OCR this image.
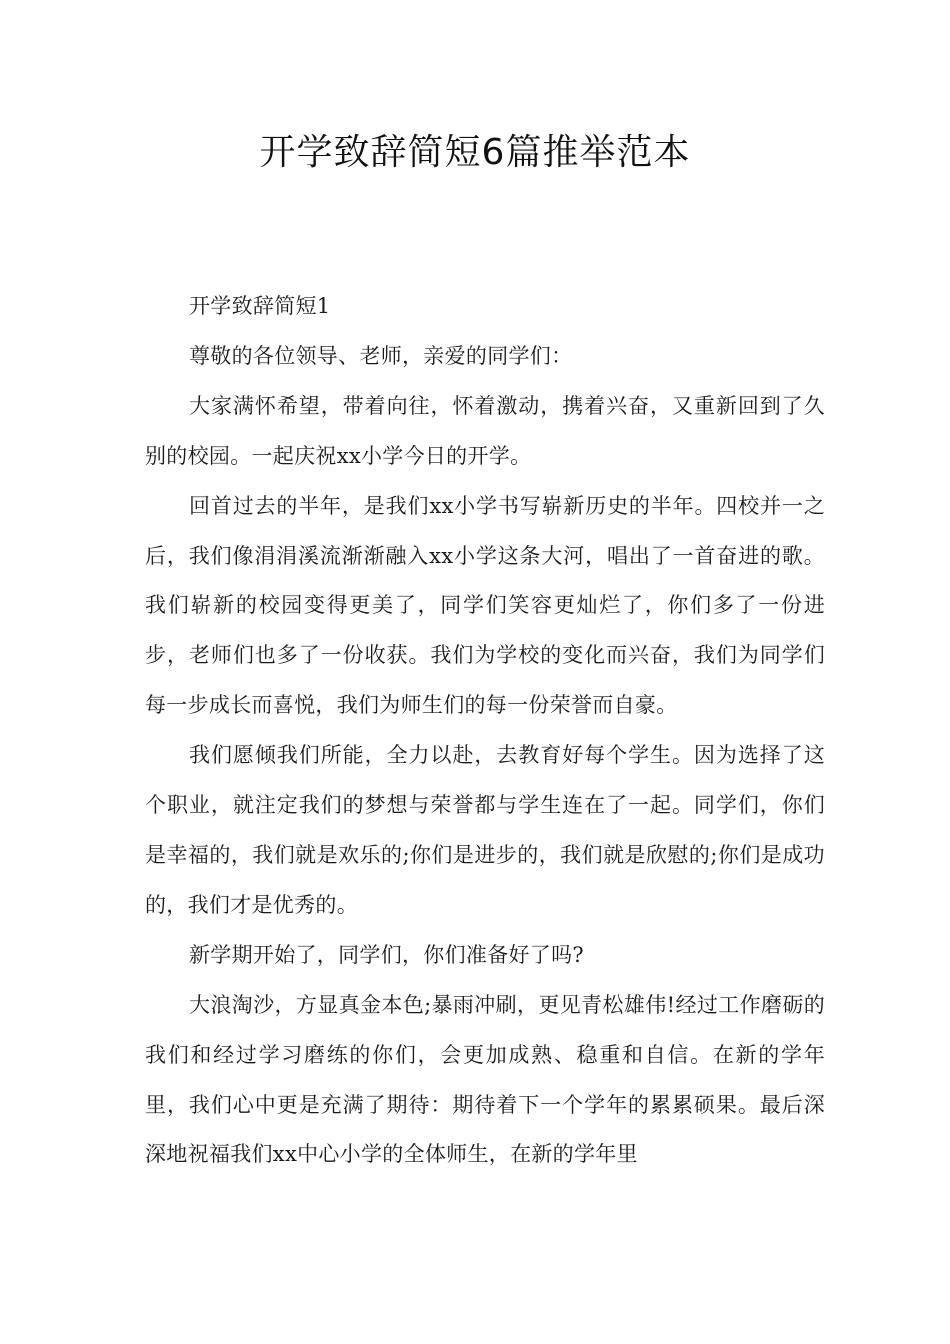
开学致辞简短6篇推举范本

开学致辞简短1

尊敬的各位领导、老师，亲爱的同学们：

大家满怀希望，带着向往，怀着激动，携着兴奋，又重新回到了久别的校园。一起庆祝xx小学今日的开学。

回首过去的半年，是我们xx小学书写崭新历史的半年。四校并一之后，我们像涓涓溪流渐渐融入xx小学这条大河，唱出了一首奋进的歌。我们崭新的校园变得更美了，同学们笑容更灿烂了，你们多了一份进步，老师们也多了一份收获。我们为学校的变化而兴奋，我们为同学们每一步成长而喜悦，我们为师生们的每一份荣誉而自豪。

我们愿倾我们所能，全力以赴，去教育好每个学生。因为选择了这个职业，就注定我们的梦想与荣誉都与学生连在了一起。同学们，你们是幸福的，我们就是欢乐的;你们是进步的，我们就是欣慰的;你们是成功的，我们才是优秀的。

新学期开始了，同学们，你们准备好了吗?

大浪淘沙，方显真金本色;暴雨冲刷，更见青松雄伟!经过工作磨砺的我们和经过学习磨练的你们，会更加成熟、稳重和自信。在新的学年里，我们心中更是充满了期待：期待着下一个学年的累累硕果。最后深深地祝福我们xx中心小学的全体师生，在新的学年里
